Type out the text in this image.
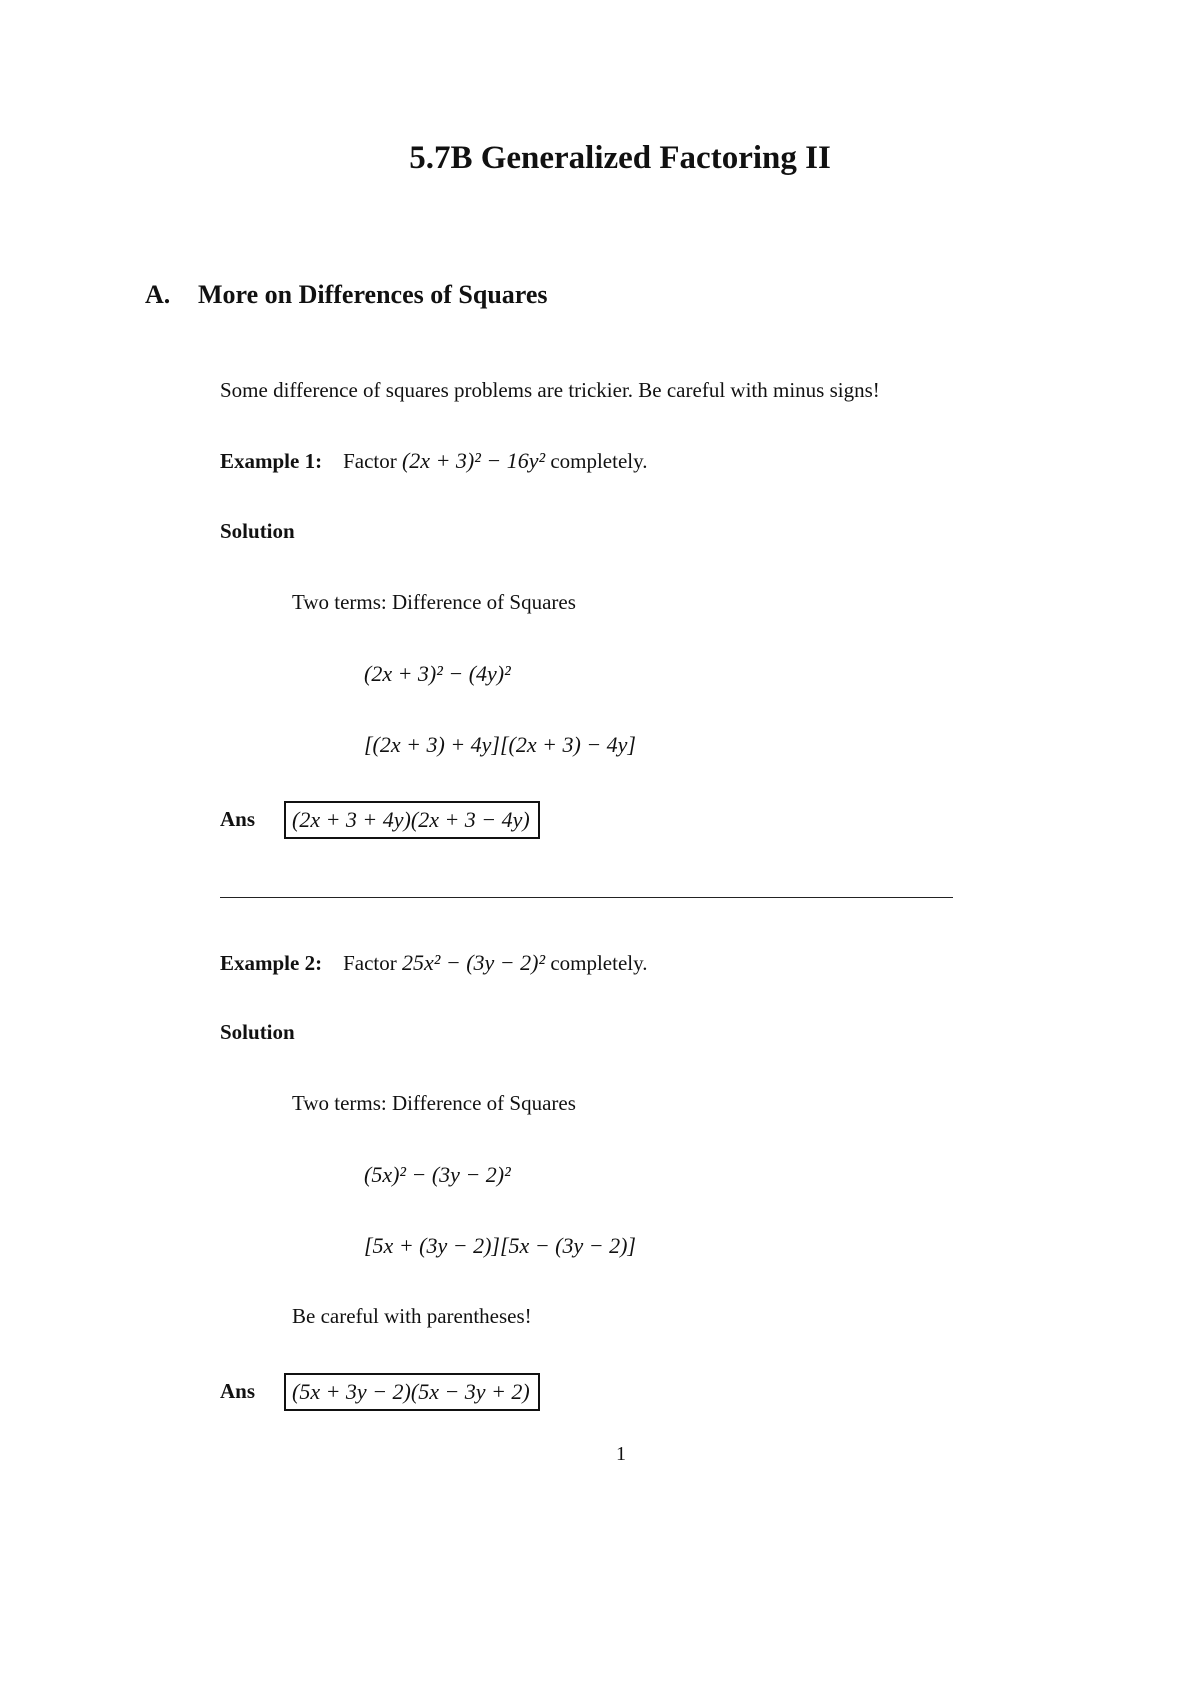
5.7B Generalized Factoring II
A. More on Differences of Squares
Some difference of squares problems are trickier. Be careful with minus signs!
Example 1: Factor (2x + 3)² − 16y² completely.
Solution
Two terms: Difference of Squares
(2x + 3)² − (4y)²
[(2x + 3) + 4y][(2x + 3) − 4y]
Ans	(2x + 3 + 4y)(2x + 3 − 4y)
Example 2: Factor 25x² − (3y − 2)² completely.
Solution
Two terms: Difference of Squares
(5x)² − (3y − 2)²
[5x + (3y − 2)][5x − (3y − 2)]
Be careful with parentheses!
Ans	(5x + 3y − 2)(5x − 3y + 2)
1
